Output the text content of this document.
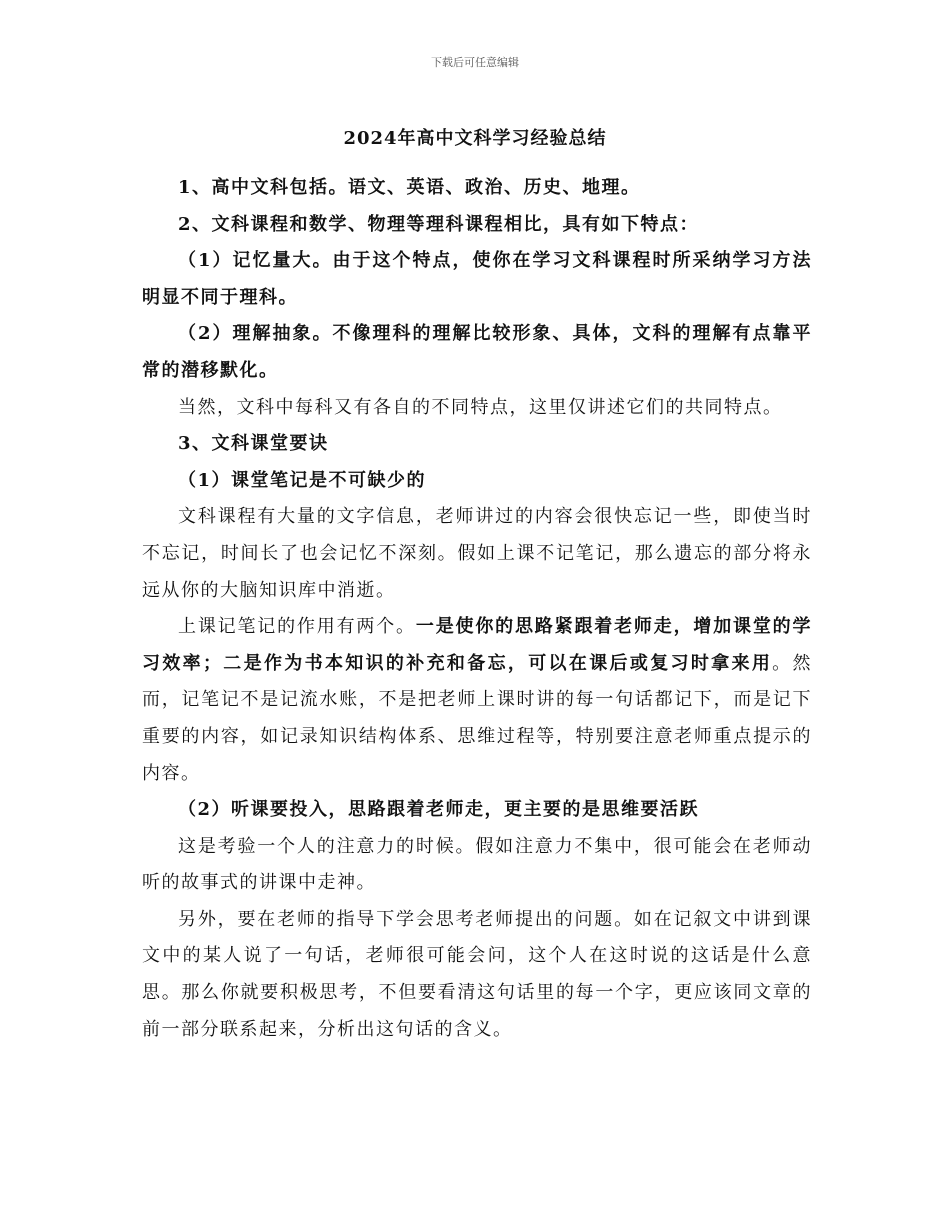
下载后可任意编辑
2024年高中文科学习经验总结

1、高中文科包括。语文、英语、政治、历史、地理。

2、文科课程和数学、物理等理科课程相比，具有如下特点：

（1）记忆量大。由于这个特点，使你在学习文科课程时所采纳学习方法明显不同于理科。

（2）理解抽象。不像理科的理解比较形象、具体，文科的理解有点靠平常的潜移默化。

当然，文科中每科又有各自的不同特点，这里仅讲述它们的共同特点。

3、文科课堂要诀

（1）课堂笔记是不可缺少的

文科课程有大量的文字信息，老师讲过的内容会很快忘记一些，即使当时不忘记，时间长了也会记忆不深刻。假如上课不记笔记，那么遗忘的部分将永远从你的大脑知识库中消逝。

上课记笔记的作用有两个。一是使你的思路紧跟着老师走，增加课堂的学习效率；二是作为书本知识的补充和备忘，可以在课后或复习时拿来用。然而，记笔记不是记流水账，不是把老师上课时讲的每一句话都记下，而是记下重要的内容，如记录知识结构体系、思维过程等，特别要注意老师重点提示的内容。

（2）听课要投入，思路跟着老师走，更主要的是思维要活跃

这是考验一个人的注意力的时候。假如注意力不集中，很可能会在老师动听的故事式的讲课中走神。

另外，要在老师的指导下学会思考老师提出的问题。如在记叙文中讲到课文中的某人说了一句话，老师很可能会问，这个人在这时说的这话是什么意思。那么你就要积极思考，不但要看清这句话里的每一个字，更应该同文章的前一部分联系起来，分析出这句话的含义。
